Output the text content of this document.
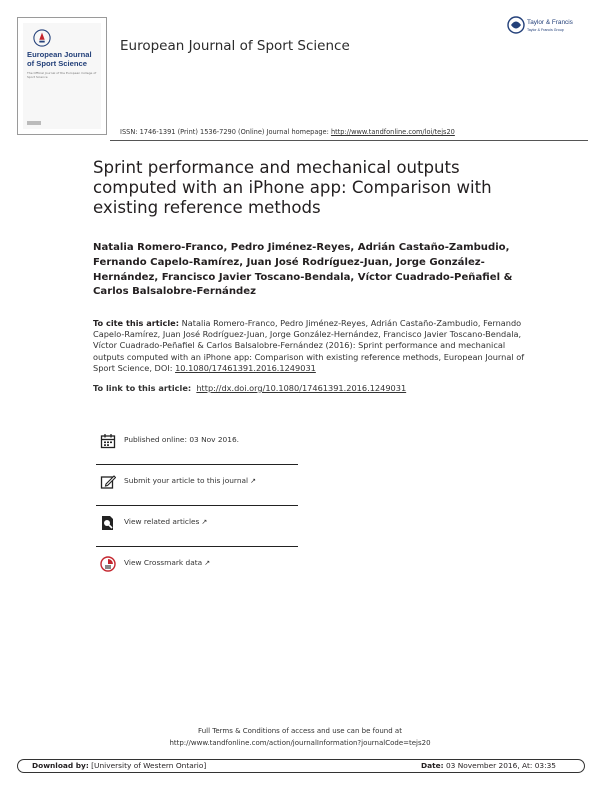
European Journal of Sport Science
The Official Journal of the European College of Sport Science
European Journal of Sport Science
Taylor & Francis
Taylor & Francis Group
ISSN: 1746-1391 (Print) 1536-7290 (Online) Journal homepage: http://www.tandfonline.com/loi/tejs20
Sprint performance and mechanical outputs computed with an iPhone app: Comparison with existing reference methods
Natalia Romero-Franco, Pedro Jiménez-Reyes, Adrián Castaño-Zambudio, Fernando Capelo-Ramírez, Juan José Rodríguez-Juan, Jorge González-Hernández, Francisco Javier Toscano-Bendala, Víctor Cuadrado-Peñafiel & Carlos Balsalobre-Fernández
To cite this article: Natalia Romero-Franco, Pedro Jiménez-Reyes, Adrián Castaño-Zambudio, Fernando Capelo-Ramírez, Juan José Rodríguez-Juan, Jorge González-Hernández, Francisco Javier Toscano-Bendala, Víctor Cuadrado-Peñafiel & Carlos Balsalobre-Fernández (2016): Sprint performance and mechanical outputs computed with an iPhone app: Comparison with existing reference methods, European Journal of Sport Science, DOI: 10.1080/17461391.2016.1249031
To link to this article: http://dx.doi.org/10.1080/17461391.2016.1249031
Published online: 03 Nov 2016.
Submit your article to this journal ↗
View related articles ↗
View Crossmark data ↗
Full Terms & Conditions of access and use can be found at
http://www.tandfonline.com/action/journalInformation?journalCode=tejs20
Download by: [University of Western Ontario]	Date: 03 November 2016, At: 03:35
